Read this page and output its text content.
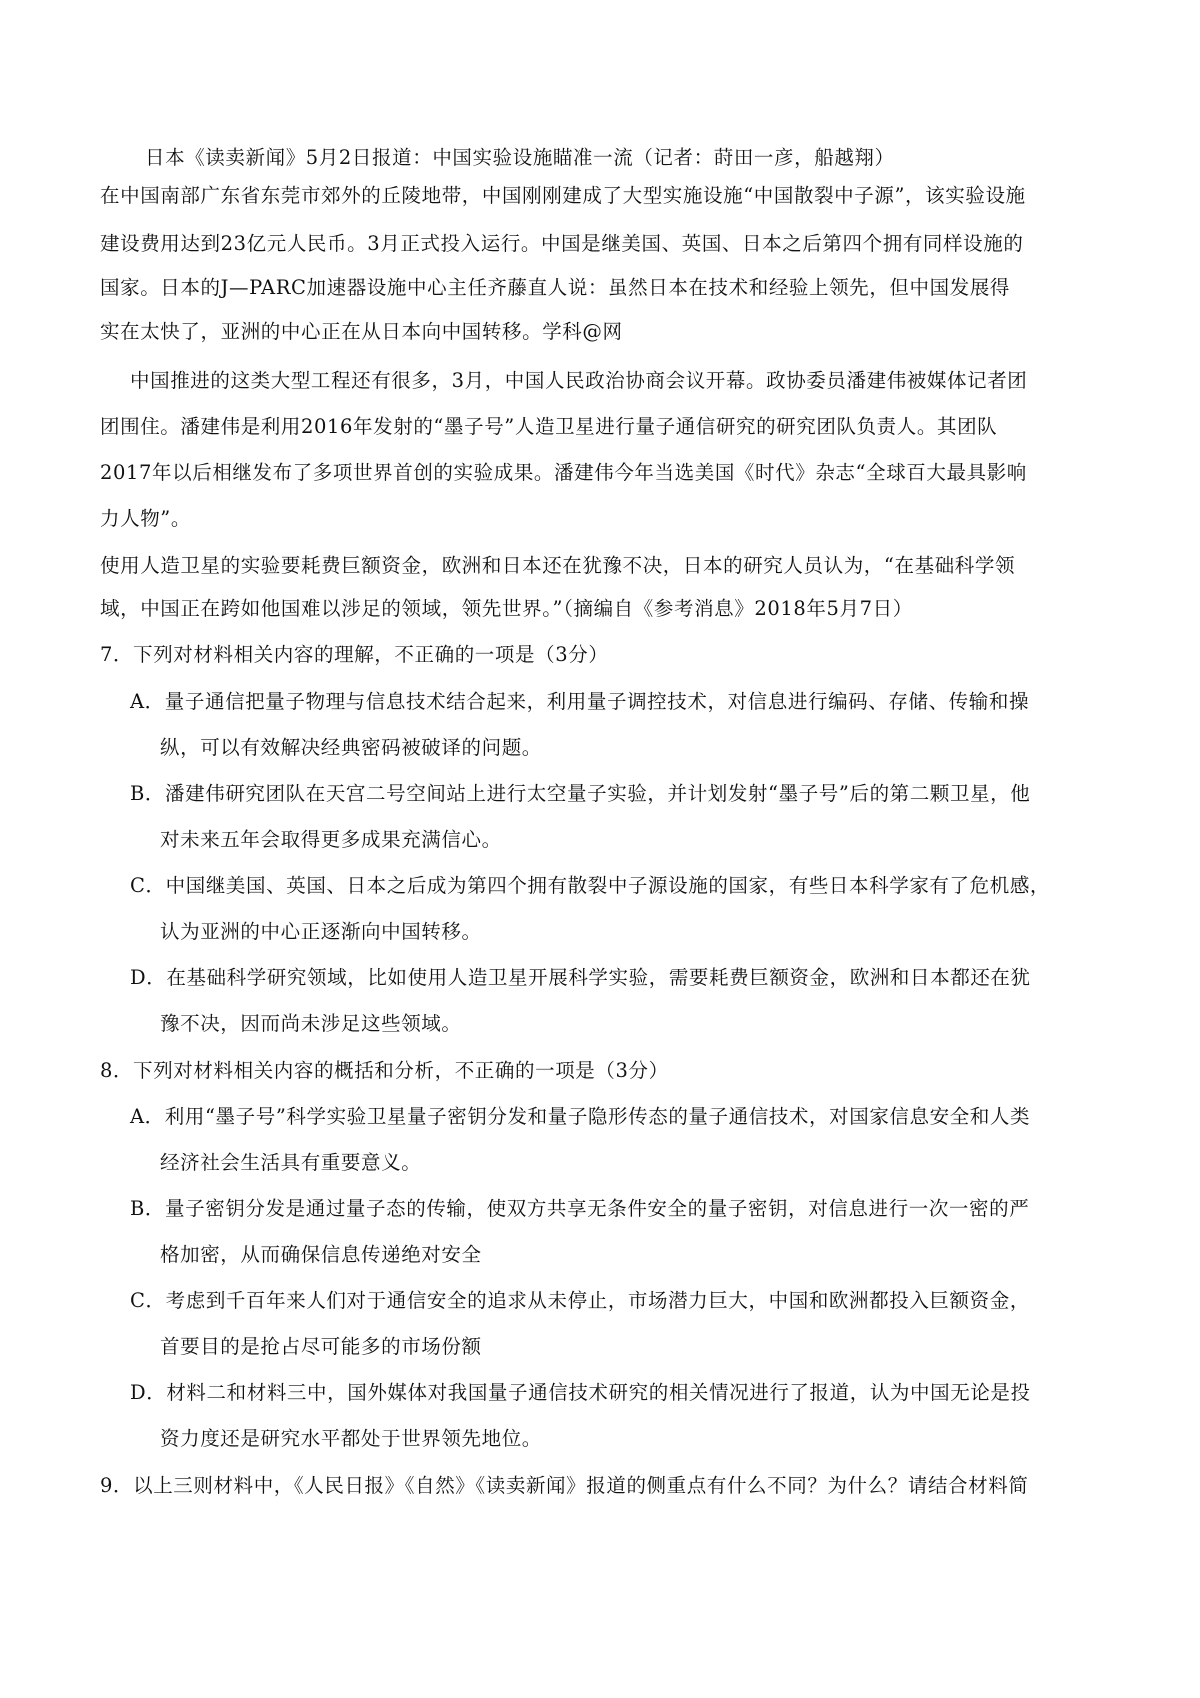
日本《读卖新闻》5月2日报道：中国实验设施瞄准一流（记者：莳田一彦，船越翔）
在中国南部广东省东莞市郊外的丘陵地带，中国刚刚建成了大型实施设施“中国散裂中子源”，该实验设施
建设费用达到23亿元人民币。3月正式投入运行。中国是继美国、英国、日本之后第四个拥有同样设施的
国家。日本的J—PARC加速器设施中心主任齐藤直人说：虽然日本在技术和经验上领先，但中国发展得
实在太快了，亚洲的中心正在从日本向中国转移。学科@网
中国推进的这类大型工程还有很多，3月，中国人民政治协商会议开幕。政协委员潘建伟被媒体记者团
团围住。潘建伟是利用2016年发射的“墨子号”人造卫星进行量子通信研究的研究团队负责人。其团队
2017年以后相继发布了多项世界首创的实验成果。潘建伟今年当选美国《时代》杂志“全球百大最具影响
力人物”。
使用人造卫星的实验要耗费巨额资金，欧洲和日本还在犹豫不决，日本的研究人员认为，“在基础科学领
域，中国正在跨如他国难以涉足的领域，领先世界。”（摘编自《参考消息》2018年5月7日）
7．下列对材料相关内容的理解，不正确的一项是（3分）
A．量子通信把量子物理与信息技术结合起来，利用量子调控技术，对信息进行编码、存储、传输和操
纵，可以有效解决经典密码被破译的问题。
B．潘建伟研究团队在天宫二号空间站上进行太空量子实验，并计划发射“墨子号”后的第二颗卫星，他
对未来五年会取得更多成果充满信心。
C．中国继美国、英国、日本之后成为第四个拥有散裂中子源设施的国家，有些日本科学家有了危机感，
认为亚洲的中心正逐渐向中国转移。
D．在基础科学研究领域，比如使用人造卫星开展科学实验，需要耗费巨额资金，欧洲和日本都还在犹
豫不决，因而尚未涉足这些领域。
8．下列对材料相关内容的概括和分析，不正确的一项是（3分）
A．利用“墨子号”科学实验卫星量子密钥分发和量子隐形传态的量子通信技术，对国家信息安全和人类
经济社会生活具有重要意义。
B．量子密钥分发是通过量子态的传输，使双方共享无条件安全的量子密钥，对信息进行一次一密的严
格加密，从而确保信息传递绝对安全
C．考虑到千百年来人们对于通信安全的追求从未停止，市场潜力巨大，中国和欧洲都投入巨额资金，
首要目的是抢占尽可能多的市场份额
D．材料二和材料三中，国外媒体对我国量子通信技术研究的相关情况进行了报道，认为中国无论是投
资力度还是研究水平都处于世界领先地位。
9．以上三则材料中，《人民日报》《自然》《读卖新闻》报道的侧重点有什么不同？为什么？请结合材料简
